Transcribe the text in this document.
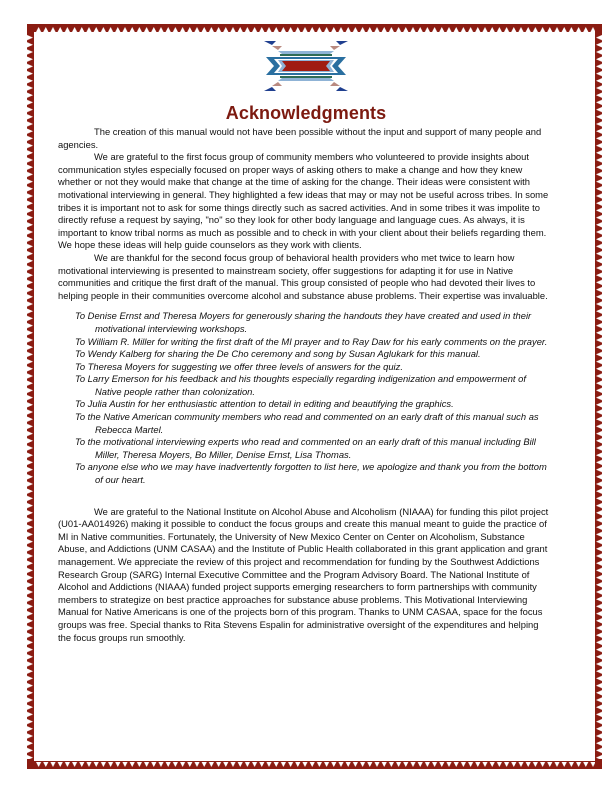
Acknowledgments

The creation of this manual would not have been possible without the input and support of many people and agencies.

We are grateful to the first focus group of community members who volunteered to provide insights about communication styles especially focused on proper ways of asking others to make a change and how they knew whether or not they would make that change at the time of asking for the change. Their ideas were consistent with motivational interviewing in general. They highlighted a few ideas that may or may not be useful across tribes. In some tribes it is important not to ask for some things directly such as sacred activities. And in some tribes it was impolite to directly refuse a request by saying, "no" so they look for other body language and language cues. As always, it is important to know tribal norms as much as possible and to check in with your client about their beliefs regarding them. We hope these ideas will help guide counselors as they work with clients.

We are thankful for the second focus group of behavioral health providers who met twice to learn how motivational interviewing is presented to mainstream society, offer suggestions for adapting it for use in Native communities and critique the first draft of the manual. This group consisted of people who had devoted their lives to helping people in their communities overcome alcohol and substance abuse problems. Their expertise was invaluable.

To Denise Ernst and Theresa Moyers for generously sharing the handouts they have created and used in their motivational interviewing workshops.

To William R. Miller for writing the first draft of the MI prayer and to Ray Daw for his early comments on the prayer.

To Wendy Kalberg for sharing the De Cho ceremony and song by Susan Aglukark for this manual.

To Theresa Moyers for suggesting we offer three levels of answers for the quiz.

To Larry Emerson for his feedback and his thoughts especially regarding indigenization and empowerment of Native people rather than colonization.

To Julia Austin for her enthusiastic attention to detail in editing and beautifying the graphics.

To the Native American community members who read and commented on an early draft of this manual such as Rebecca Martel.

To the motivational interviewing experts who read and commented on an early draft of this manual including Bill Miller, Theresa Moyers, Bo Miller, Denise Ernst, Lisa Thomas.

To anyone else who we may have inadvertently forgotten to list here, we apologize and thank you from the bottom of our heart.

We are grateful to the National Institute on Alcohol Abuse and Alcoholism (NIAAA) for funding this pilot project (U01-AA014926) making it possible to conduct the focus groups and create this manual meant to guide the practice of MI in Native communities. Fortunately, the University of New Mexico Center on Center on Alcoholism, Substance Abuse, and Addictions (UNM CASAA) and the Institute of Public Health collaborated in this grant application and grant management. We appreciate the review of this project and recommendation for funding by the Southwest Addictions Research Group (SARG) Internal Executive Committee and the Program Advisory Board. The National Institute of Alcohol and Addictions (NIAAA) funded project supports emerging researchers to form partnerships with community members to strategize on best practice approaches for substance abuse problems. This Motivational Interviewing Manual for Native Americans is one of the projects born of this program. Thanks to UNM CASAA, space for the focus groups was free. Special thanks to Rita Stevens Espalin for administrative oversight of the expenditures and helping the focus groups run smoothly.
